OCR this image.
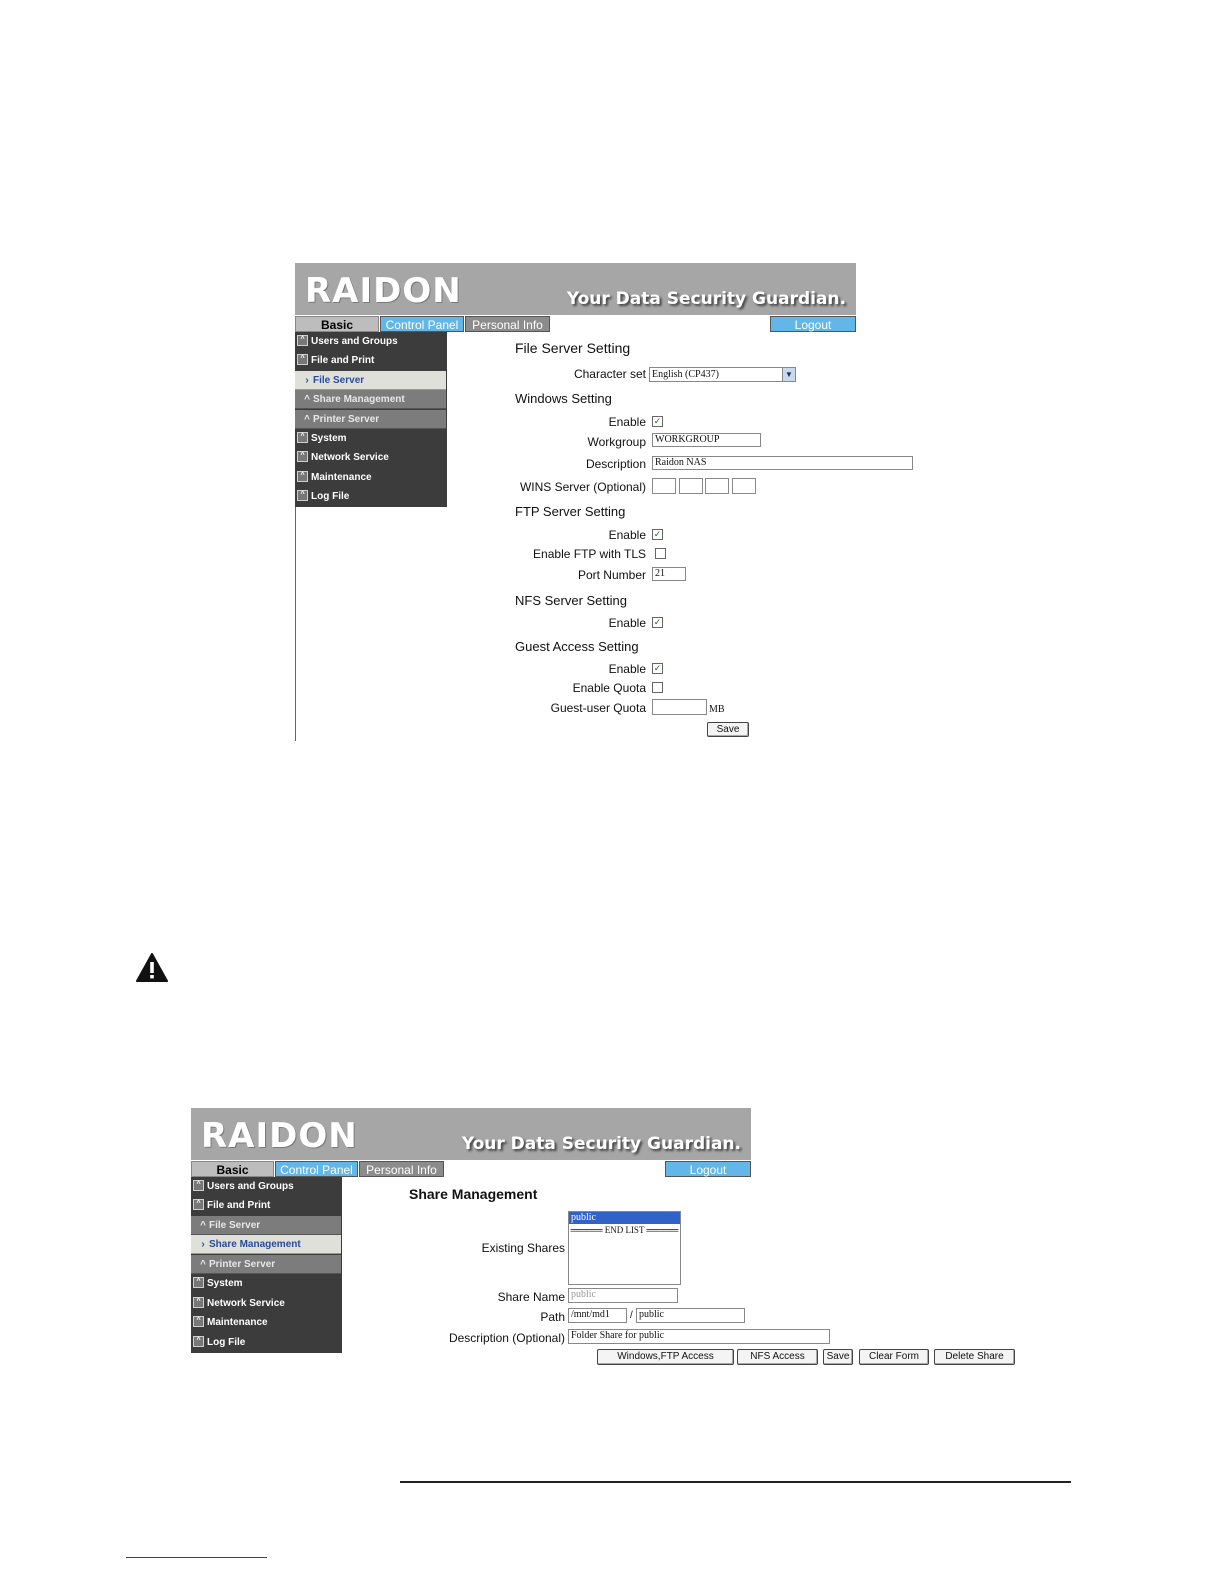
RAIDON	Your Data Security Guardian.
Basic	Control Panel	Personal Info	Logout
^ Users and Groups
^ File and Print
› File Server
^ Share Management
^ Printer Server
^ System
^ Network Service
^ Maintenance
^ Log File
File Server Setting
Character set English (CP437)	▼
Windows Setting
Enable ✓
Workgroup WORKGROUP
Description Raidon NAS
WINS Server (Optional)
FTP Server Setting
Enable ✓
Enable FTP with TLS
Port Number 21
NFS Server Setting
Enable ✓
Guest Access Setting
Enable ✓
Enable Quota
Guest-user Quota	MB
Save
RAIDON	Your Data Security Guardian.
Basic	Control Panel	Personal Info	Logout
^ Users and Groups
^ File and Print
^ File Server
› Share Management
^ Printer Server
^ System
^ Network Service
^ Maintenance
^ Log File
Share Management
Existing Shares
public
═════ END LIST ═════
Share Name public
Path /mnt/md1	/ public
Description (Optional) Folder Share for public
Windows,FTP Access	NFS Access	Save	Clear Form	Delete Share
